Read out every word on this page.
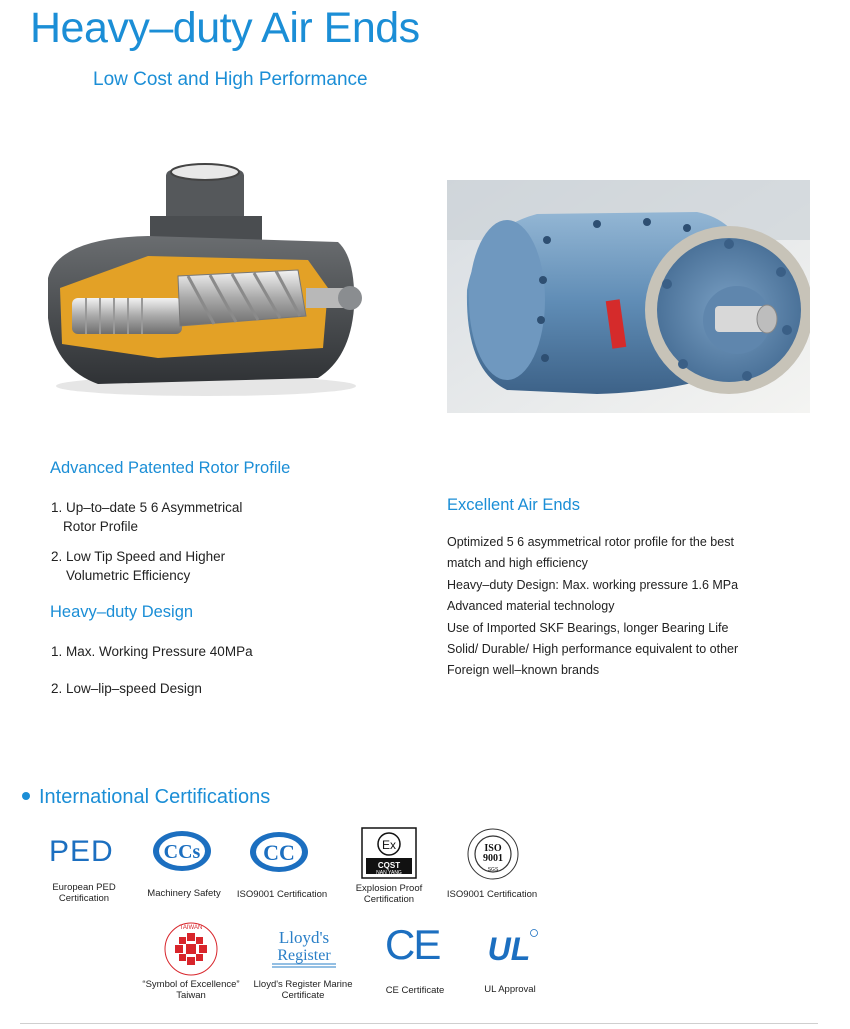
Heavy–duty Air Ends
Low Cost and High Performance
Advanced Patented Rotor Profile
1. Up–to–date 5 6 Asymmetrical
Rotor Profile
2. Low Tip Speed and Higher
Volumetric Efficiency
Heavy–duty Design
1. Max. Working Pressure 40MPa
2. Low–lip–speed Design
Excellent Air Ends
Optimized 5 6 asymmetrical rotor profile for the best
match and high efficiency
Heavy–duty Design: Max. working pressure 1.6 MPa
Advanced material technology
Use of Imported SKF Bearings, longer Bearing Life
Solid/ Durable/ High performance equivalent to other
Foreign well–known brands
International Certifications
PED
European PED
Certification
CCs
Machinery Safety
CC
ISO9001 Certification
Ex
CQST
NAN YANG
Explosion Proof
Certification
ISO
9001
SGS
ISO9001 Certification
TAIWAN
“Symbol of Excellence”
Taiwan
Lloyd's
Register
Lloyd's Register Marine
Certificate
CE
CE Certificate
UL
UL Approval
